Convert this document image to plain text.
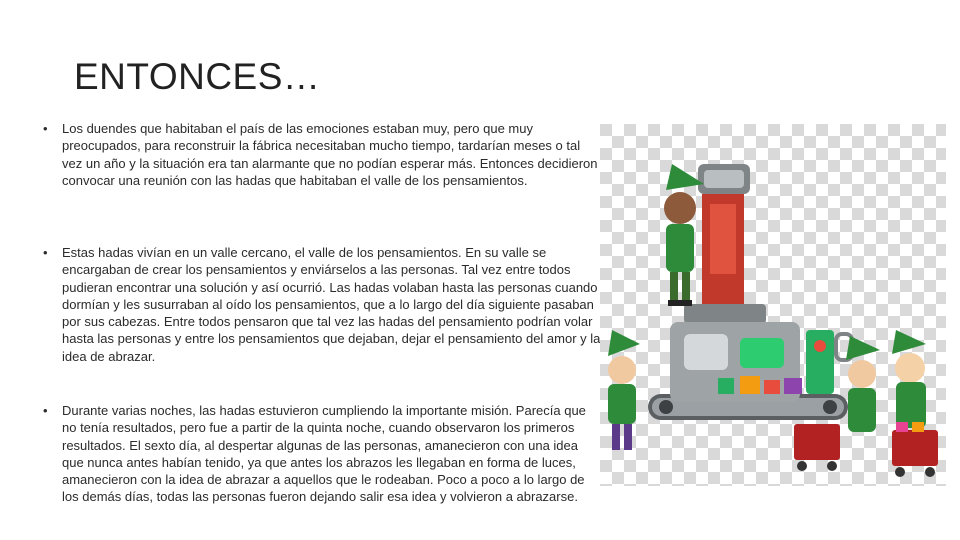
ENTONCES…
• Los duendes que habitaban el país de las emociones estaban muy, pero que muy preocupados, para reconstruir la fábrica necesitaban mucho tiempo, tardarían meses o tal vez un año y la situación era tan alarmante que no podían esperar más. Entonces decidieron convocar una reunión con las hadas que habitaban el valle de los pensamientos.
• Estas hadas vivían en un valle cercano, el valle de los pensamientos. En su valle se encargaban de crear los pensamientos y enviárselos a las personas. Tal vez entre todos pudieran encontrar una solución y así ocurrió. Las hadas volaban hasta las personas cuando dormían y les susurraban al oído los pensamientos, que a lo largo del día siguiente pasaban por sus cabezas. Entre todos pensaron que tal vez las hadas del pensamiento podrían volar hasta las personas y entre los pensamientos que dejaban, dejar el pensamiento del amor y la idea de abrazar.
• Durante varias noches, las hadas estuvieron cumpliendo la importante misión. Parecía que no tenía resultados, pero fue a partir de la quinta noche, cuando observaron los primeros resultados. El sexto día, al despertar algunas de las personas, amanecieron con una idea que nunca antes habían tenido, ya que antes los abrazos les llegaban en forma de luces, amanecieron con la idea de abrazar a aquellos que le rodeaban. Poco a poco a lo largo de los demás días, todas las personas fueron dejando salir esa idea y volvieron a abrazarse.
